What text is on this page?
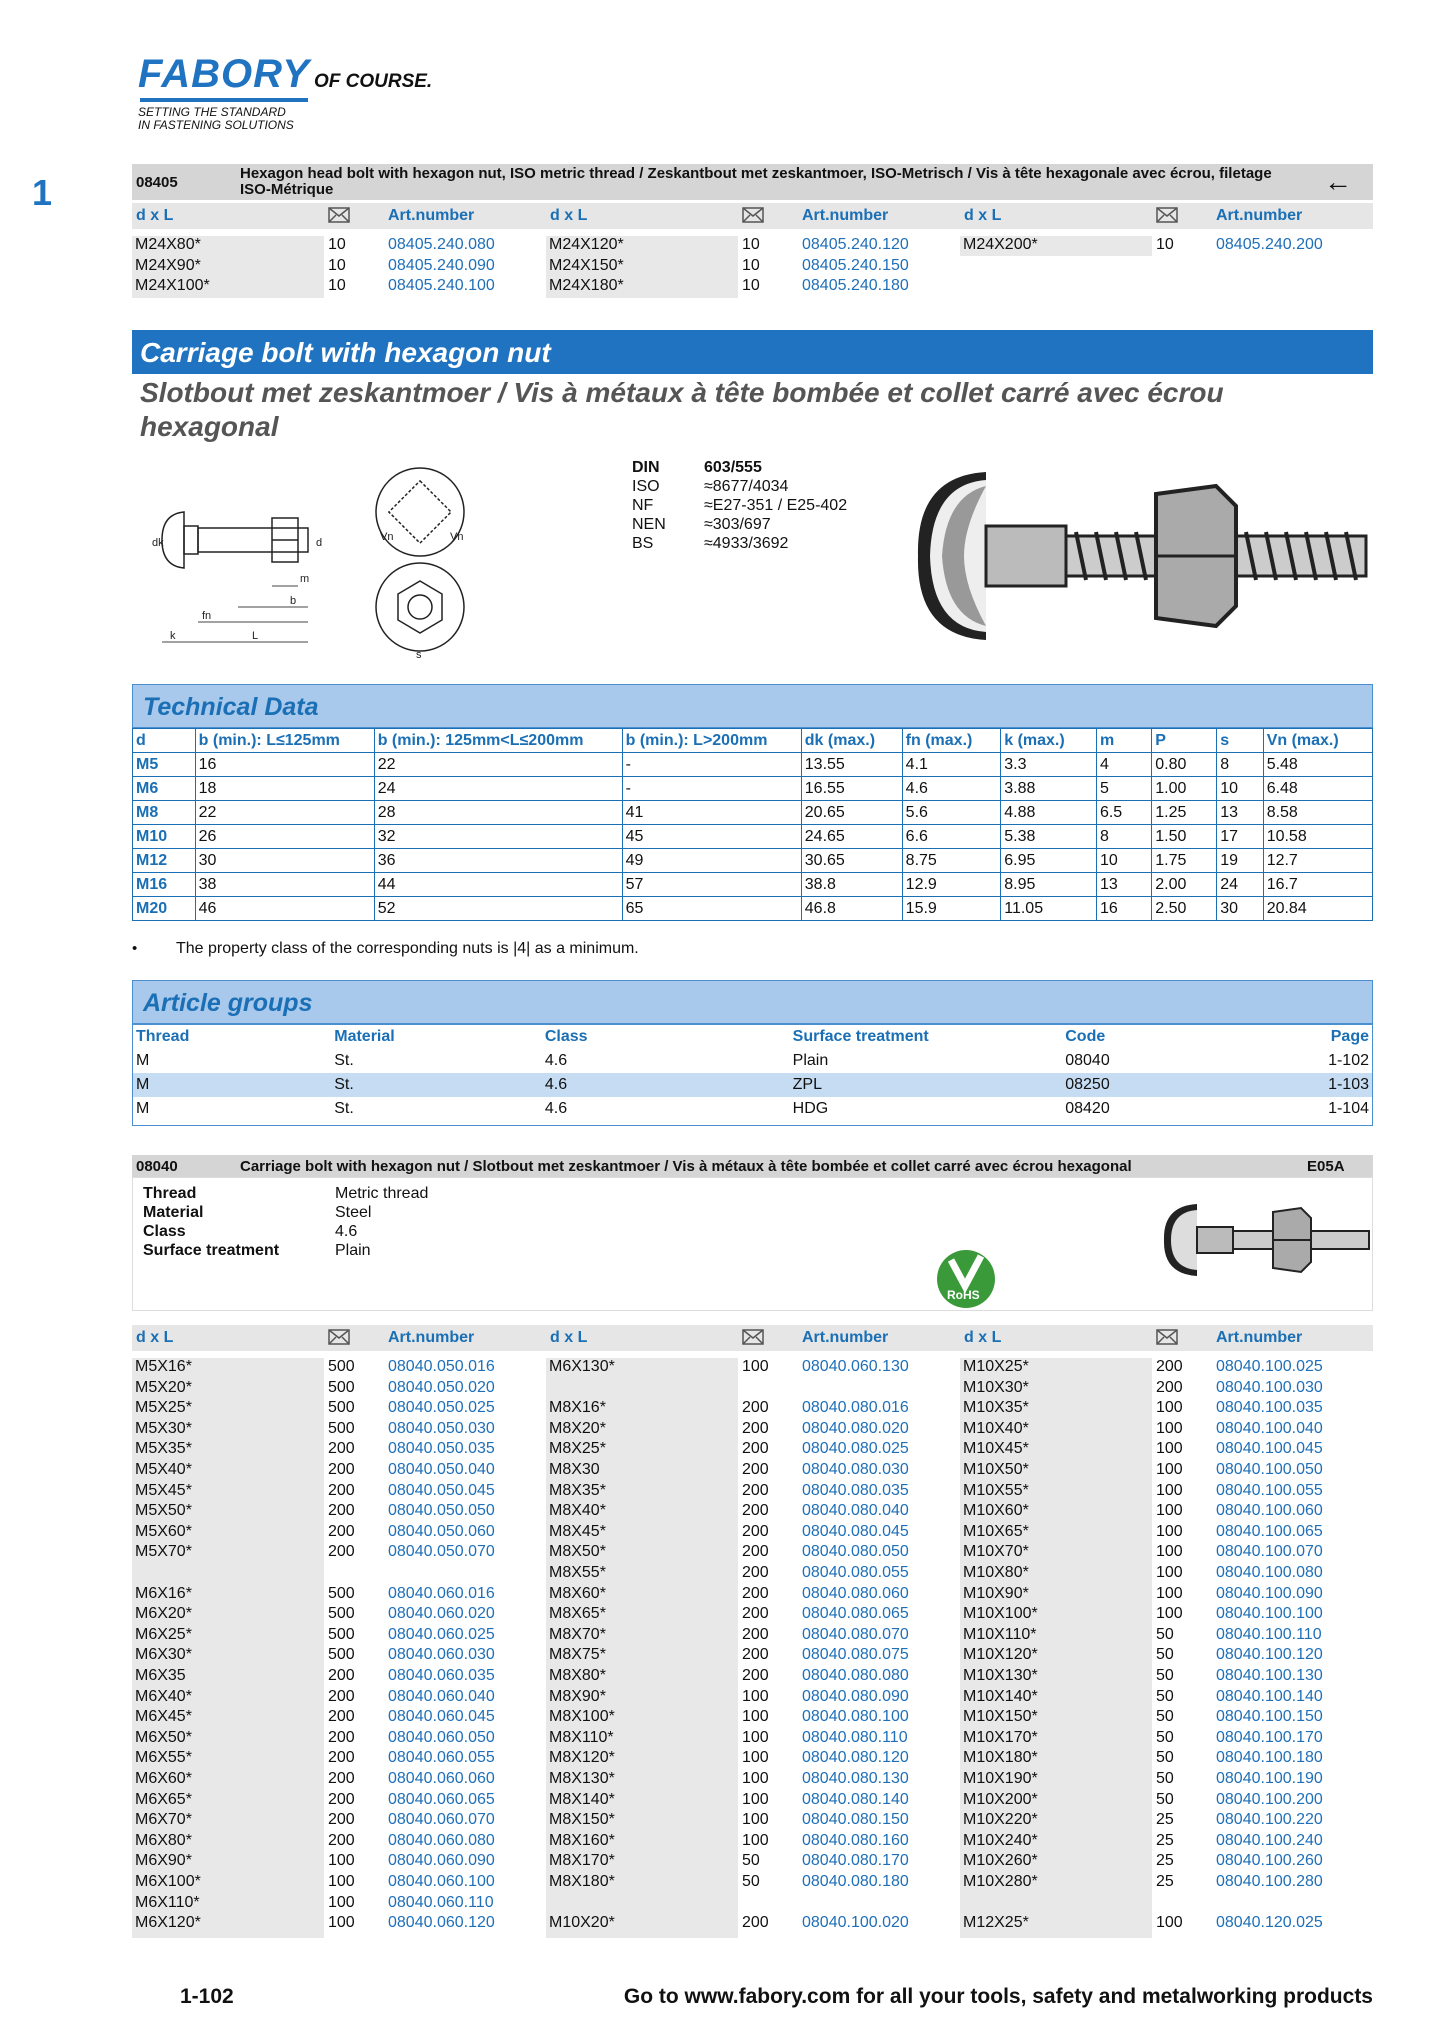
FABORY OF COURSE.
SETTING THE STANDARD
IN FASTENING SOLUTIONS
1	08405
Hexagon head bolt with hexagon nut, ISO metric thread / Zeskantbout met zeskantmoer, ISO-Metrisch / Vis à tête hexagonale avec écrou, filetage ISO-Métrique	←
d x L	Art.number	d x L	Art.number	d x L	Art.number
M24X80*	10	08405.240.080
M24X90*	10	08405.240.090
M24X100*	10	08405.240.100
M24X120*	10	08405.240.120
M24X150*	10	08405.240.150
M24X180*	10	08405.240.180
M24X200*	10	08405.240.200
Carriage bolt with hexagon nut
Slotbout met zeskantmoer / Vis à métaux à tête bombée et collet carré avec écrou hexagonal
dk	d
m
fn
b
k	L
Vn	Vn
s
DIN	603/555
ISO	≈8677/4034
NF	≈E27-351 / E25-402
NEN ≈303/697
BS	≈4933/3692
Technical Data
d	b (min.): L≤125mm	b (min.): 125mm<L≤200mm	b (min.): L>200mm	dk (max.)	fn (max.)	k (max.)	m	P	s	Vn (max.)
M5	16	22	-	13.55	4.1	3.3	4	0.80	8	5.48
M6	18	24	-	16.55	4.6	3.88	5	1.00	10	6.48
M8	22	28	41	20.65	5.6	4.88	6.5	1.25	13	8.58
M10	26	32	45	24.65	6.6	5.38	8	1.50	17	10.58
M12	30	36	49	30.65	8.75	6.95	10	1.75	19	12.7
M16	38	44	57	38.8	12.9	8.95	13	2.00	24	16.7
M20	46	52	65	46.8	15.9	11.05	16	2.50	30	20.84
• The property class of the corresponding nuts is |4| as a minimum.
Article groups
Thread	Material	Class	Surface treatment	Code	Page
M	St.	4.6	Plain	08040	1-102
M	St.	4.6	ZPL	08250	1-103
M	St.	4.6	HDG	08420	1-104
08040	Carriage bolt with hexagon nut / Slotbout met zeskantmoer / Vis à métaux à tête bombée et collet carré avec écrou hexagonal	E05A
Thread	Metric thread
Material	Steel
Class	4.6
Surface treatment	Plain
RoHS
d x L	Art.number	d x L	Art.number	d x L	Art.number
M5X16*	500 08040.050.016
M5X20*	500 08040.050.020
M5X25*	500 08040.050.025
M5X30*	500 08040.050.030
M5X35*	200 08040.050.035
M5X40*	200 08040.050.040
M5X45*	200 08040.050.045
M5X50*	200 08040.050.050
M5X60*	200 08040.050.060
M5X70*	200 08040.050.070
M6X16*	500 08040.060.016
M6X20*	500 08040.060.020
M6X25*	500 08040.060.025
M6X30*	500 08040.060.030
M6X35	200 08040.060.035
M6X40*	200 08040.060.040
M6X45*	200 08040.060.045
M6X50*	200 08040.060.050
M6X55*	200 08040.060.055
M6X60*	200 08040.060.060
M6X65*	200 08040.060.065
M6X70*	200 08040.060.070
M6X80*	200 08040.060.080
M6X90*	100 08040.060.090
M6X100*	100 08040.060.100
M6X110*	100 08040.060.110
M6X120*	100 08040.060.120
M6X130*	100 08040.060.130
M8X16*	200 08040.080.016
M8X20*	200 08040.080.020
M8X25*	200 08040.080.025
M8X30	200 08040.080.030
M8X35*	200 08040.080.035
M8X40*	200 08040.080.040
M8X45*	200 08040.080.045
M8X50*	200 08040.080.050
M8X55*	200 08040.080.055
M8X60*	200 08040.080.060
M8X65*	200 08040.080.065
M8X70*	200 08040.080.070
M8X75*	200 08040.080.075
M8X80*	200 08040.080.080
M8X90*	100 08040.080.090
M8X100*	100 08040.080.100
M8X110*	100 08040.080.110
M8X120*	100 08040.080.120
M8X130*	100 08040.080.130
M8X140*	100 08040.080.140
M8X150*	100 08040.080.150
M8X160*	100 08040.080.160
M8X170*	50	08040.080.170
M8X180*	50	08040.080.180
M10X20*	200 08040.100.020
M10X25*	200 08040.100.025
M10X30*	200 08040.100.030
M10X35*	100 08040.100.035
M10X40*	100 08040.100.040
M10X45*	100 08040.100.045
M10X50*	100 08040.100.050
M10X55*	100 08040.100.055
M10X60*	100 08040.100.060
M10X65*	100 08040.100.065
M10X70*	100 08040.100.070
M10X80*	100 08040.100.080
M10X90*	100 08040.100.090
M10X100*	100 08040.100.100
M10X110*	50	08040.100.110
M10X120*	50	08040.100.120
M10X130*	50	08040.100.130
M10X140*	50	08040.100.140
M10X150*	50	08040.100.150
M10X170*	50	08040.100.170
M10X180*	50	08040.100.180
M10X190*	50	08040.100.190
M10X200*	50	08040.100.200
M10X220*	25	08040.100.220
M10X240*	25	08040.100.240
M10X260*	25	08040.100.260
M10X280*	25	08040.100.280
M12X25*	100 08040.120.025
1-102	Go to www.fabory.com for all your tools, safety and metalworking products
